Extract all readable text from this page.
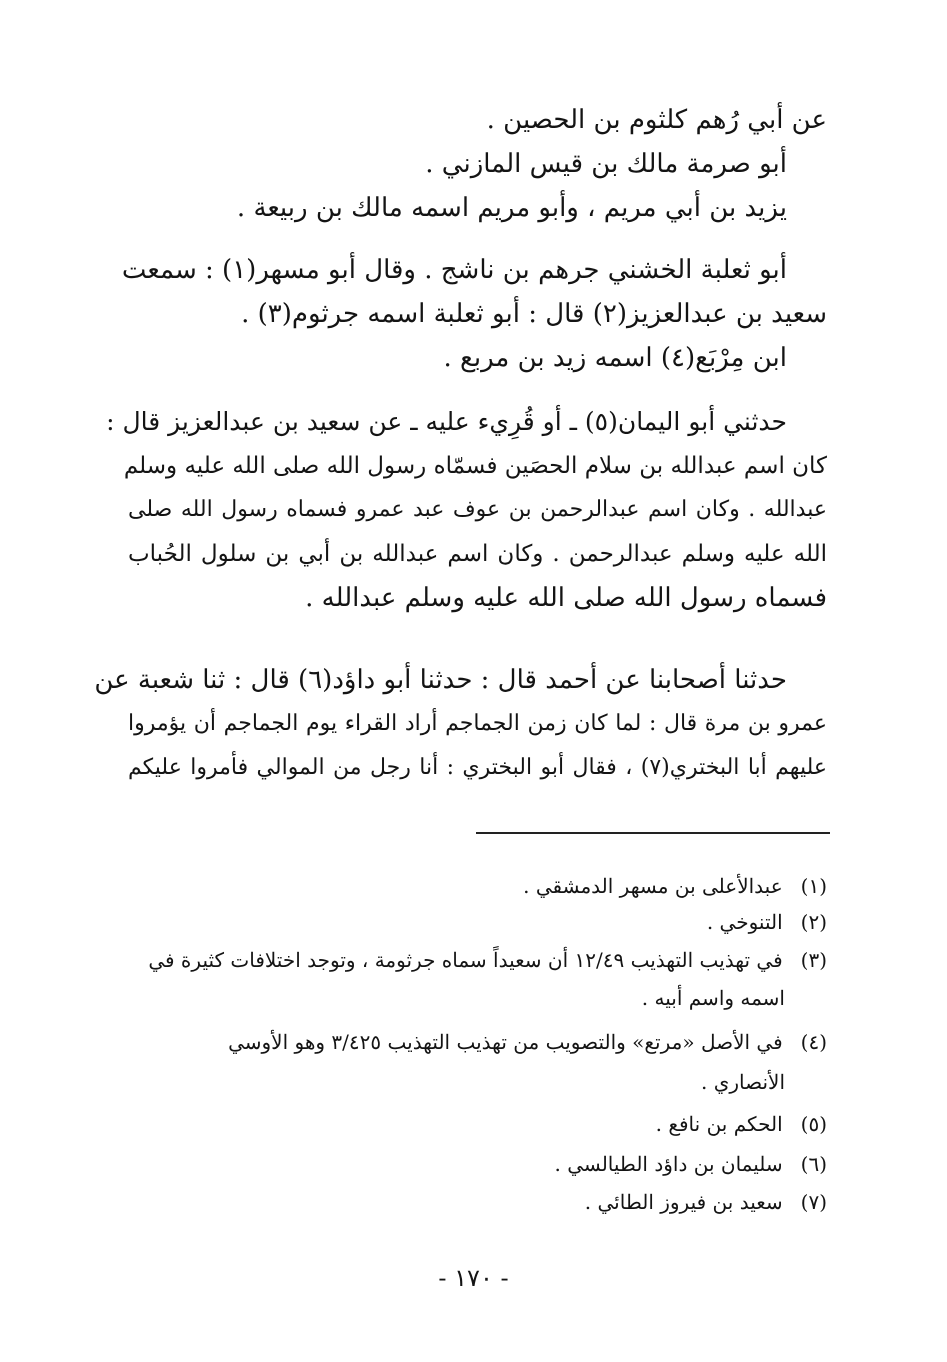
عن أبي رُهم كلثوم بن الحصين .
أبو صرمة مالك بن قيس المازني .
يزيد بن أبي مريم ، وأبو مريم اسمه مالك بن ربيعة .
أبو ثعلبة الخشني جرهم بن ناشج . وقال أبو مسهر(١) : سمعت
سعيد بن عبدالعزيز(٢) قال : أبو ثعلبة اسمه جرثوم(٣) .
ابن مِرْبَع(٤) اسمه زيد بن مربع .
حدثني أبو اليمان(٥) ـ أو قُرِيء عليه ـ عن سعيد بن عبدالعزيز قال :
كان اسم عبدالله بن سلام الحصَين فسمّاه رسول الله صلى الله عليه وسلم
عبدالله . وكان اسم عبدالرحمن بن عوف عبد عمرو فسماه رسول الله صلى
الله عليه وسلم عبدالرحمن . وكان اسم عبدالله بن أبي بن سلول الحُباب
فسماه رسول الله صلى الله عليه وسلم عبدالله .
حدثنا أصحابنا عن أحمد قال : حدثنا أبو داؤد(٦) قال : ثنا شعبة عن
عمرو بن مرة قال : لما كان زمن الجماجم أراد القراء يوم الجماجم أن يؤمروا
عليهم أبا البختري(٧) ، فقال أبو البختري : أنا رجل من الموالي فأمروا عليكم
(١) عبدالأعلى بن مسهر الدمشقي .
(٢) التنوخي .
(٣) في تهذيب التهذيب ١٢/٤٩ أن سعيداً سماه جرثومة ، وتوجد اختلافات كثيرة في
اسمه واسم أبيه .
(٤) في الأصل «مرتع» والتصويب من تهذيب التهذيب ٣/٤٢٥ وهو الأوسي
الأنصاري .
(٥) الحكم بن نافع .
(٦) سليمان بن داؤد الطيالسي .
(٧) سعيد بن فيروز الطائي .
- ١٧٠ -
